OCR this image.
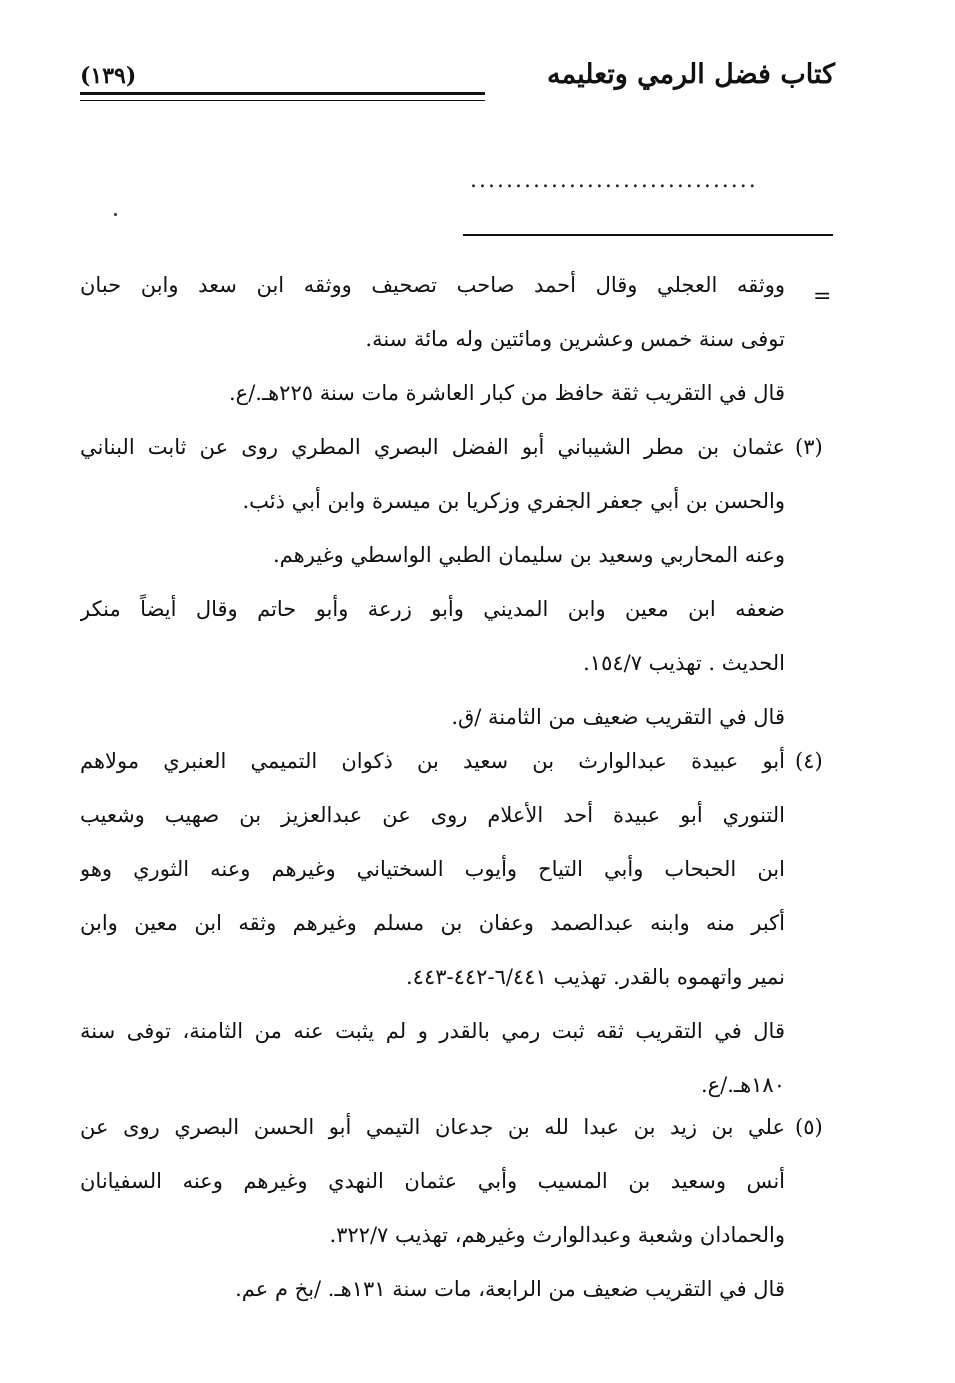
كتاب فضل الرمي وتعليمه
(١٣٩)
................................
=
ووثقه العجلي وقال أحمد صاحب تصحيف ووثقه ابن سعد وابن حبان
توفى سنة خمس وعشرين ومائتين وله مائة سنة.
قال في التقريب ثقة حافظ من كبار العاشرة مات سنة ٢٢٥هـ./ع.
(٣)
عثمان بن مطر الشيباني أبو الفضل البصري المطري روى عن ثابت البناني
والحسن بن أبي جعفر الجفري وزكريا بن ميسرة وابن أبي ذئب.
وعنه المحاربي وسعيد بن سليمان الطبي الواسطي وغيرهم.
ضعفه ابن معين وابن المديني وأبو زرعة وأبو حاتم وقال أيضاً منكر
الحديث . تهذيب ١٥٤/٧.
قال في التقريب ضعيف من الثامنة /ق.
(٤)
أبو عبيدة عبدالوارث بن سعيد بن ذكوان التميمي العنبري مولاهم
التنوري أبو عبيدة أحد الأعلام روى عن عبدالعزيز بن صهيب وشعيب
ابن الحبحاب وأبي التياح وأيوب السختياني وغيرهم وعنه الثوري وهو
أكبر منه وابنه عبدالصمد وعفان بن مسلم وغيرهم وثقه ابن معين وابن
نمير واتهموه بالقدر. تهذيب ٦/٤٤١-٤٤٢-٤٤٣.
قال في التقريب ثقه ثبت رمي بالقدر و لم يثبت عنه من الثامنة، توفى سنة
١٨٠هـ./ع.
(٥)
علي بن زيد بن عبدا لله بن جدعان التيمي أبو الحسن البصري روى عن
أنس وسعيد بن المسيب وأبي عثمان النهدي وغيرهم وعنه السفيانان
والحمادان وشعبة وعبدالوارث وغيرهم، تهذيب ٣٢٢/٧.
قال في التقريب ضعيف من الرابعة، مات سنة ١٣١هـ. /بخ م عم.
